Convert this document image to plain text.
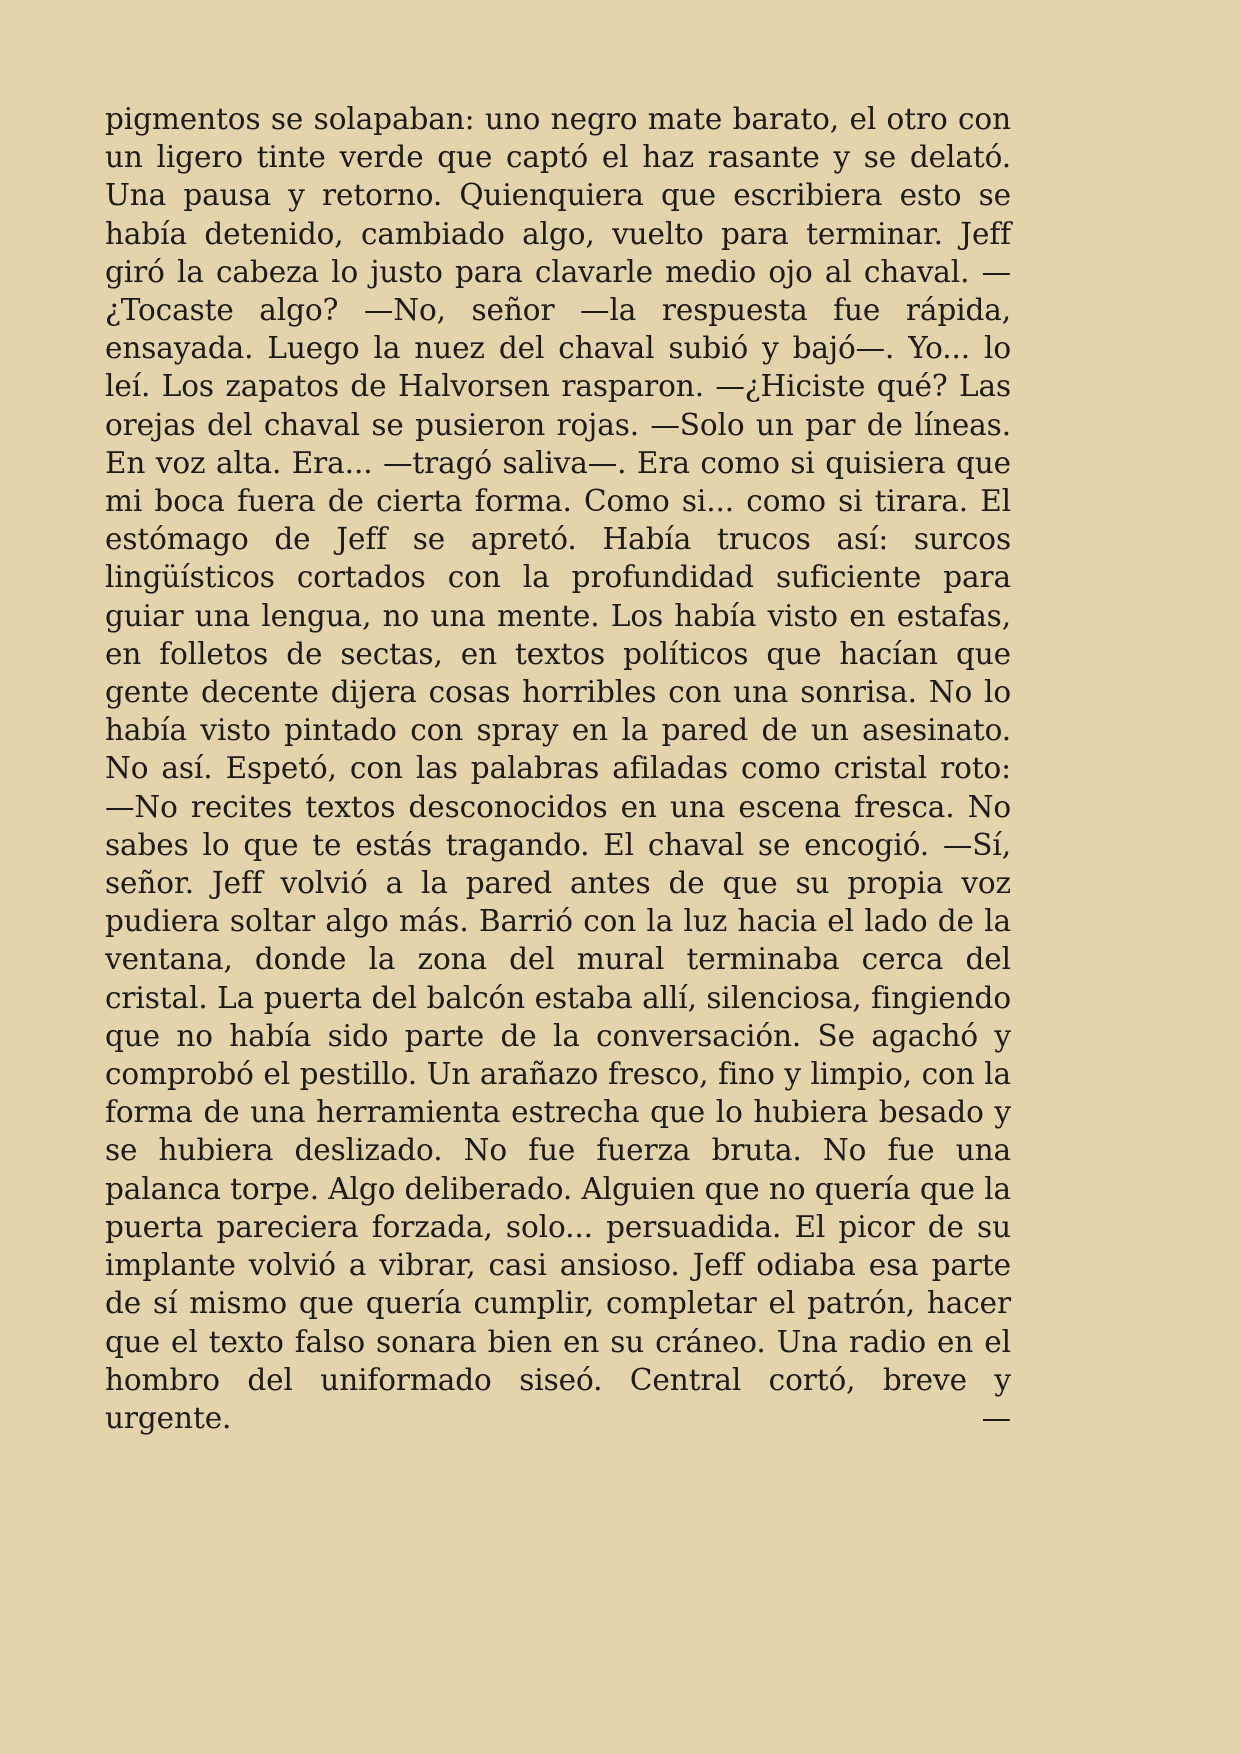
pigmentos se solapaban: uno negro mate barato, el otro con un ligero tinte verde que captó el haz rasante y se delató. Una pausa y retorno. Quienquiera que escribiera esto se había detenido, cambiado algo, vuelto para terminar. Jeff giró la cabeza lo justo para clavarle medio ojo al chaval. —¿Tocaste algo? —No, señor —la respuesta fue rápida, ensayada. Luego la nuez del chaval subió y bajó—. Yo... lo leí. Los zapatos de Halvorsen rasparon. —¿Hiciste qué? Las orejas del chaval se pusieron rojas. —Solo un par de líneas. En voz alta. Era... —tragó saliva—. Era como si quisiera que mi boca fuera de cierta forma. Como si... como si tirara. El estómago de Jeff se apretó. Había trucos así: surcos lingüísticos cortados con la profundidad suficiente para guiar una lengua, no una mente. Los había visto en estafas, en folletos de sectas, en textos políticos que hacían que gente decente dijera cosas horribles con una sonrisa. No lo había visto pintado con spray en la pared de un asesinato. No así. Espetó, con las palabras afiladas como cristal roto: —No recites textos desconocidos en una escena fresca. No sabes lo que te estás tragando. El chaval se encogió. —Sí, señor. Jeff volvió a la pared antes de que su propia voz pudiera soltar algo más. Barrió con la luz hacia el lado de la ventana, donde la zona del mural terminaba cerca del cristal. La puerta del balcón estaba allí, silenciosa, fingiendo que no había sido parte de la conversación. Se agachó y comprobó el pestillo. Un arañazo fresco, fino y limpio, con la forma de una herramienta estrecha que lo hubiera besado y se hubiera deslizado. No fue fuerza bruta. No fue una palanca torpe. Algo deliberado. Alguien que no quería que la puerta pareciera forzada, solo... persuadida. El picor de su implante volvió a vibrar, casi ansioso. Jeff odiaba esa parte de sí mismo que quería cumplir, completar el patrón, hacer que el texto falso sonara bien en su cráneo. Una radio en el hombro del uniformado siseó. Central cortó, breve y urgente. —
